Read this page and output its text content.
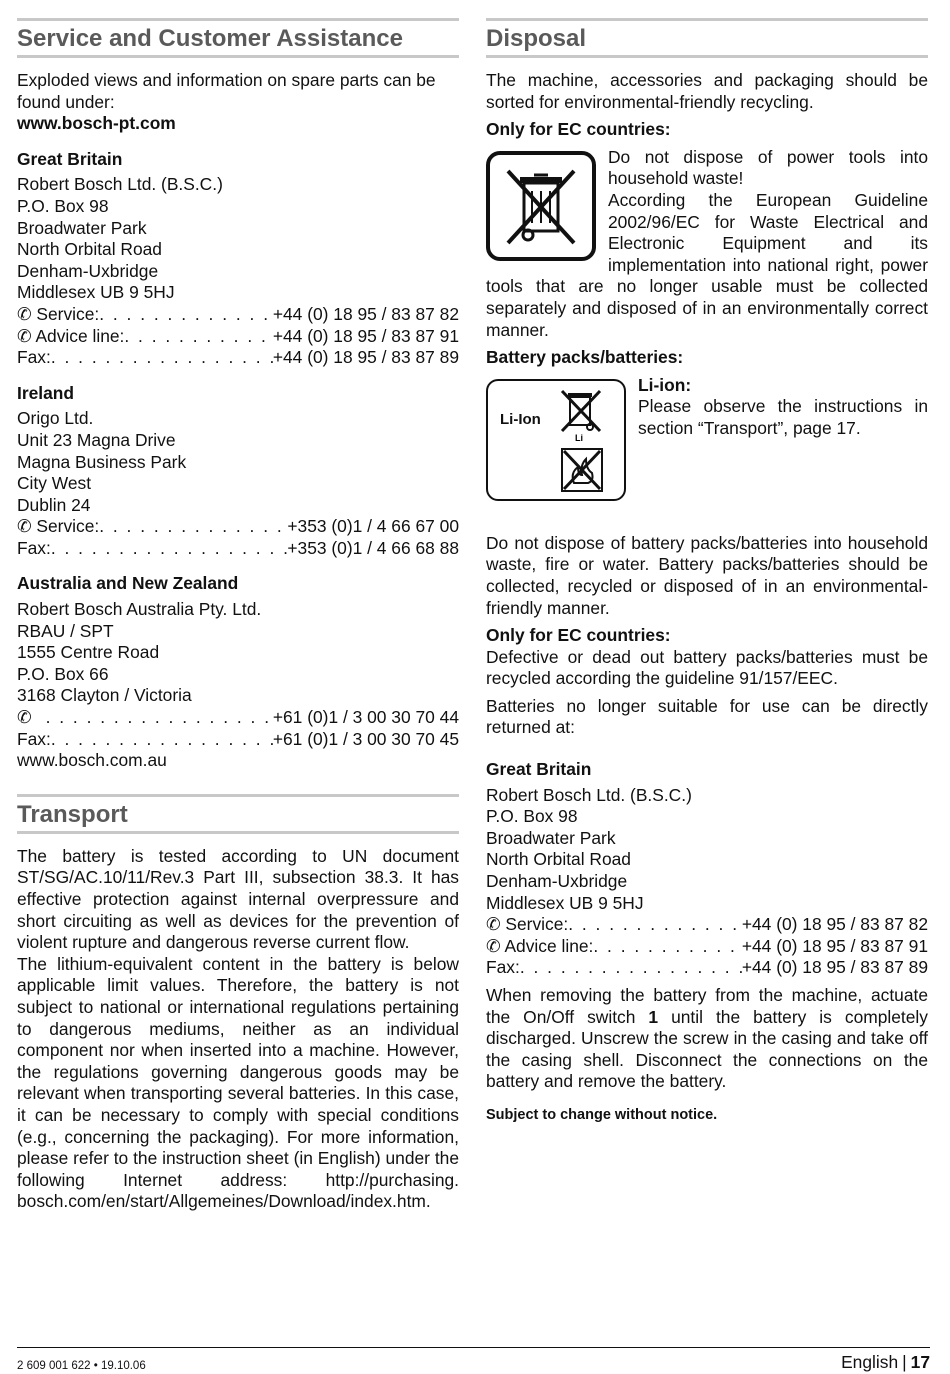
Service and Customer Assistance

Exploded views and information on spare parts can be found under:

www.bosch-pt.com
Great Britain
Robert Bosch Ltd. (B.S.C.)
P.O. Box 98
Broadwater Park
North Orbital Road
Denham-Uxbridge
Middlesex UB 9 5HJ
✆ Service: . . .	+44 (0) 18 95 / 83 87 82
✆ Advice line: . . .	+44 (0) 18 95 / 83 87 91
Fax: . . .	+44 (0) 18 95 / 83 87 89
Ireland
Origo Ltd.
Unit 23 Magna Drive
Magna Business Park
City West
Dublin 24
✆ Service: . . .	+353 (0)1 / 4 66 67 00
Fax: . . .	+353 (0)1 / 4 66 68 88
Australia and New Zealand
Robert Bosch Australia Pty. Ltd.
RBAU / SPT
1555 Centre Road
P.O. Box 66
3168 Clayton / Victoria
✆ . . .	+61 (0)1 / 3 00 30 70 44
Fax: . . .	+61 (0)1 / 3 00 30 70 45
www.bosch.com.au
Transport

The battery is tested according to UN document ST/SG/AC.10/11/Rev.3 Part III, subsection 38.3. It has effective protection against internal overpressure and short circuiting as well as devices for the prevention of violent rupture and dangerous reverse current flow.

The lithium-equivalent content in the battery is below applicable limit values. Therefore, the battery is not subject to national or international regulations pertaining to dangerous mediums, neither as an individual component nor when inserted into a machine. However, the regulations governing dangerous goods may be relevant when transporting several batteries. In this case, it can be necessary to comply with special conditions (e.g., concerning the packaging). For more information, please refer to the instruction sheet (in English) under the following Internet address: http://purchasing. bosch.com/en/start/Allgemeines/Download/index.htm.

Disposal

The machine, accessories and packaging should be sorted for environmental-friendly recycling.

Only for EC countries:

Do not dispose of power tools into household waste!

According the European Guideline 2002/96/EC for Waste Electrical and Electronic Equipment and its implementation into national right, power tools that are no longer usable must be collected separately and disposed of in an environmentally correct manner.

Battery packs/batteries:
Li-Ion
Li
Li-ion:

Please observe the instructions in section “Transport”, page 17.

Do not dispose of battery packs/batteries into household waste, fire or water. Battery packs/batteries should be collected, recycled or disposed of in an environmental-friendly manner.

Only for EC countries:

Defective or dead out battery packs/batteries must be recycled according the guideline 91/157/EEC.

Batteries no longer suitable for use can be directly returned at:

Great Britain
Robert Bosch Ltd. (B.S.C.)
P.O. Box 98
Broadwater Park
North Orbital Road
Denham-Uxbridge
Middlesex UB 9 5HJ
✆ Service: . . .	+44 (0) 18 95 / 83 87 82
✆ Advice line: . . .	+44 (0) 18 95 / 83 87 91
Fax: . . .	+44 (0) 18 95 / 83 87 89

When removing the battery from the machine, actuate the On/Off switch 1 until the battery is completely discharged. Unscrew the screw in the casing and take off the casing shell. Disconnect the connections on the battery and remove the battery.

Subject to change without notice.
2 609 001 622 • 19.10.06	English | 17
